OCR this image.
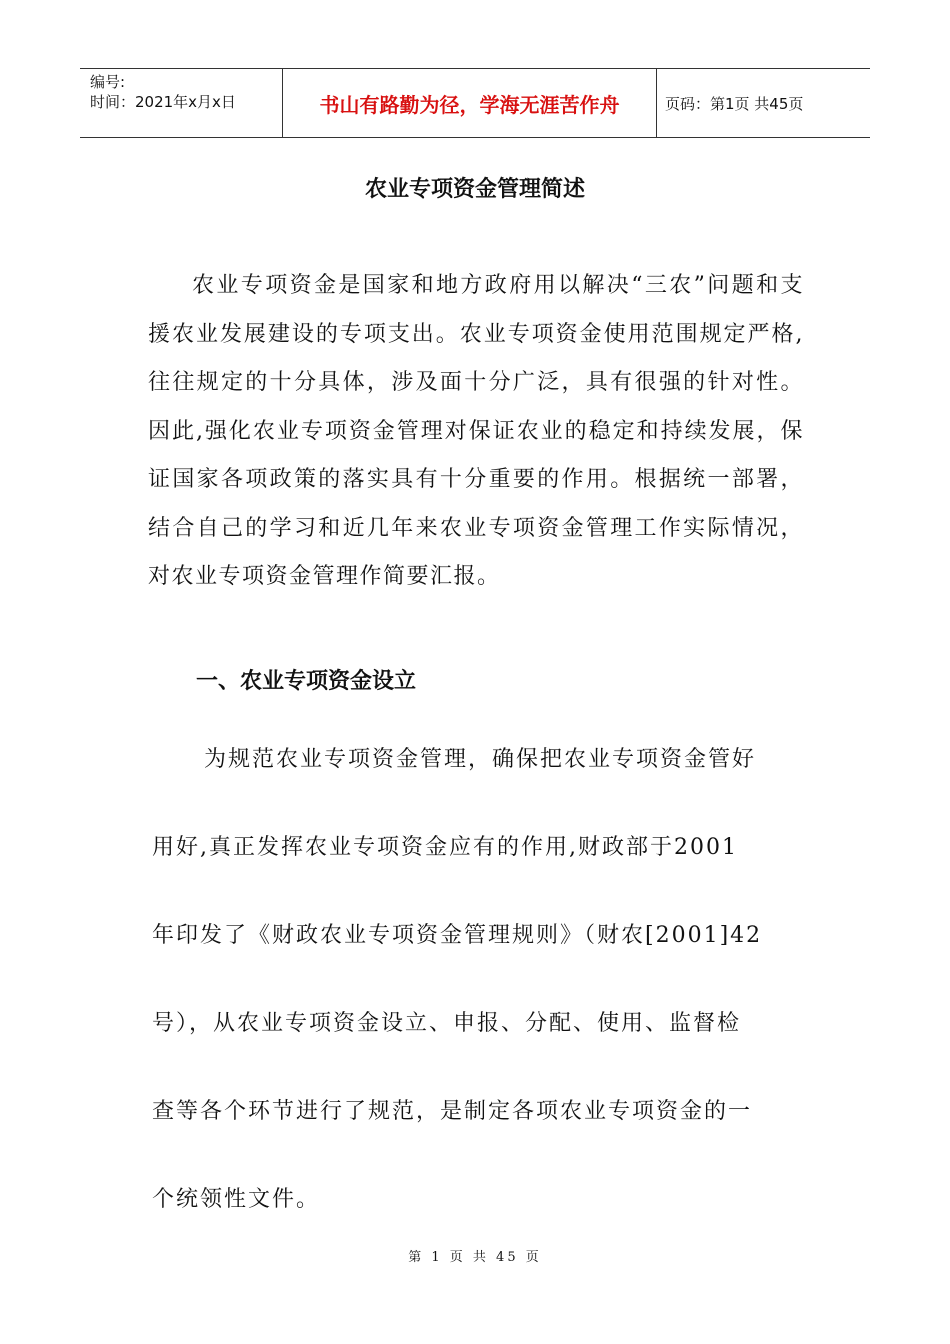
编号:
时间：2021年x月x日	书山有路勤为径，学海无涯苦作舟	页码：第1页 共45页
农业专项资金管理简述

农业专项资金是国家和地方政府用以解决“三农”问题和支援农业发展建设的专项支出。农业专项资金使用范围规定严格,往往规定的十分具体，涉及面十分广泛，具有很强的针对性。因此,强化农业专项资金管理对保证农业的稳定和持续发展，保证国家各项政策的落实具有十分重要的作用。根据统一部署，结合自己的学习和近几年来农业专项资金管理工作实际情况，对农业专项资金管理作简要汇报。

一、农业专项资金设立
为规范农业专项资金管理，确保把农业专项资金管好
用好,真正发挥农业专项资金应有的作用,财政部于2001
年印发了《财政农业专项资金管理规则》（财农[2001]42
号），从农业专项资金设立、申报、分配、使用、监督检
查等各个环节进行了规范，是制定各项农业专项资金的一
个统领性文件。
第 1 页 共 45 页
